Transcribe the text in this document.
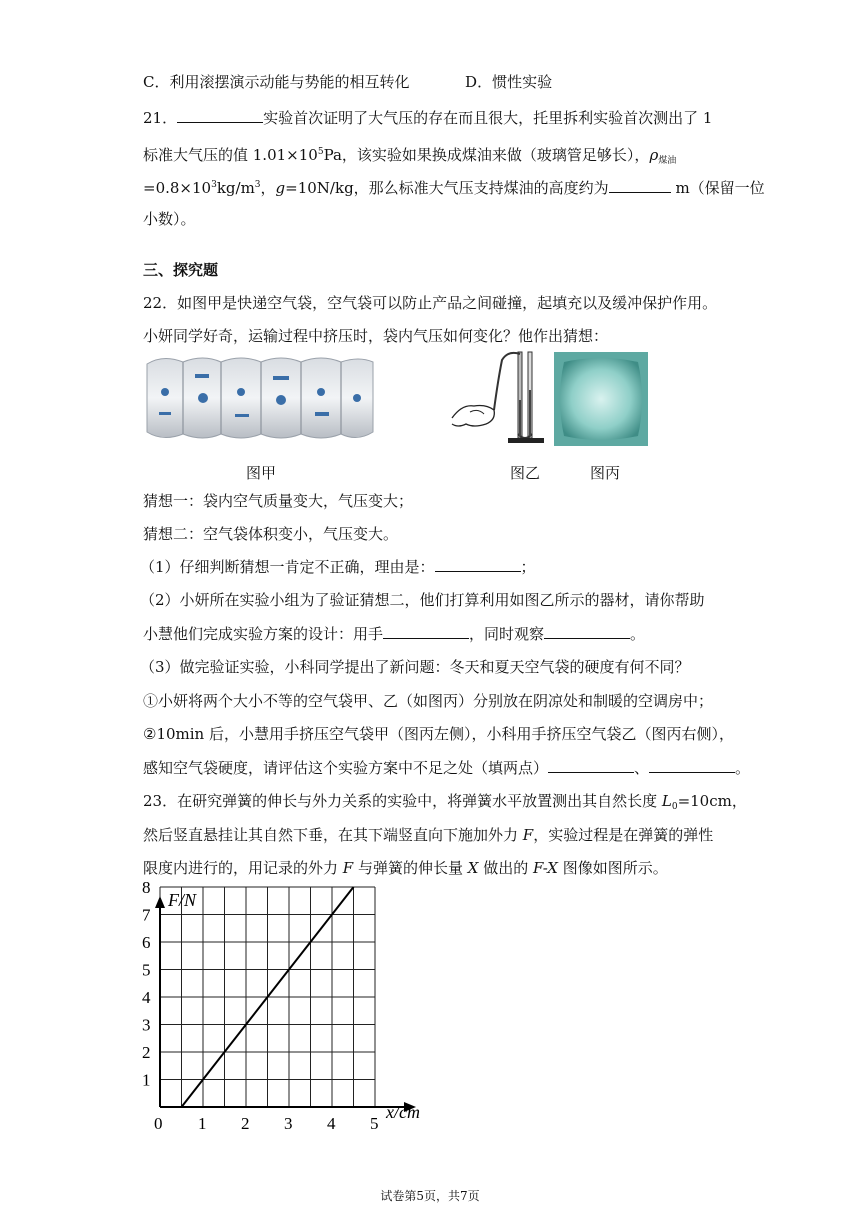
C．利用滚摆演示动能与势能的相互转化	D．惯性实验
21．	实验首次证明了大气压的存在而且很大，托里拆利实验首次测出了 1
标准大气压的值 $1.01\times 10^5Pa$，该实验如果换成煤油来做（玻璃管足够长），$\rho_{煤油}$
$=0.8\times 10^3kg/m^3$，g=10N/kg，那么标准大气压支持煤油的高度约为	m（保留一位
小数）。
三、探究题
22．如图甲是快递空气袋，空气袋可以防止产品之间碰撞，起填充以及缓冲保护作用。
小妍同学好奇，运输过程中挤压时，袋内气压如何变化？他作出猜想：
图甲	图乙	图丙
猜想一：袋内空气质量变大，气压变大；
猜想二：空气袋体积变小，气压变大。
（1）仔细判断猜想一肯定不正确，理由是：	；
（2）小妍所在实验小组为了验证猜想二，他们打算利用如图乙所示的器材，请你帮助
小慧他们完成实验方案的设计：用手	，同时观察	。
（3）做完验证实验，小科同学提出了新问题：冬天和夏天空气袋的硬度有何不同？
①小妍将两个大小不等的空气袋甲、乙（如图丙）分别放在阴凉处和制暖的空调房中；
②10min 后，小慧用手挤压空气袋甲（图丙左侧），小科用手挤压空气袋乙（图丙右侧），
感知空气袋硬度，请评估这个实验方案中不足之处（填两点）	、	。
23．在研究弹簧的伸长与外力关系的实验中，将弹簧水平放置测出其自然长度 $L_0=10cm$，
然后竖直悬挂让其自然下垂，在其下端竖直向下施加外力 F，实验过程是在弹簧的弹性
限度内进行的，用记录的外力 F 与弹簧的伸长量 X 做出的 F-X 图像如图所示。
0 1 2 3 4 5
1
2
3
4
5
6
7
8
F/N
x/cm
试卷第5页，共7页
